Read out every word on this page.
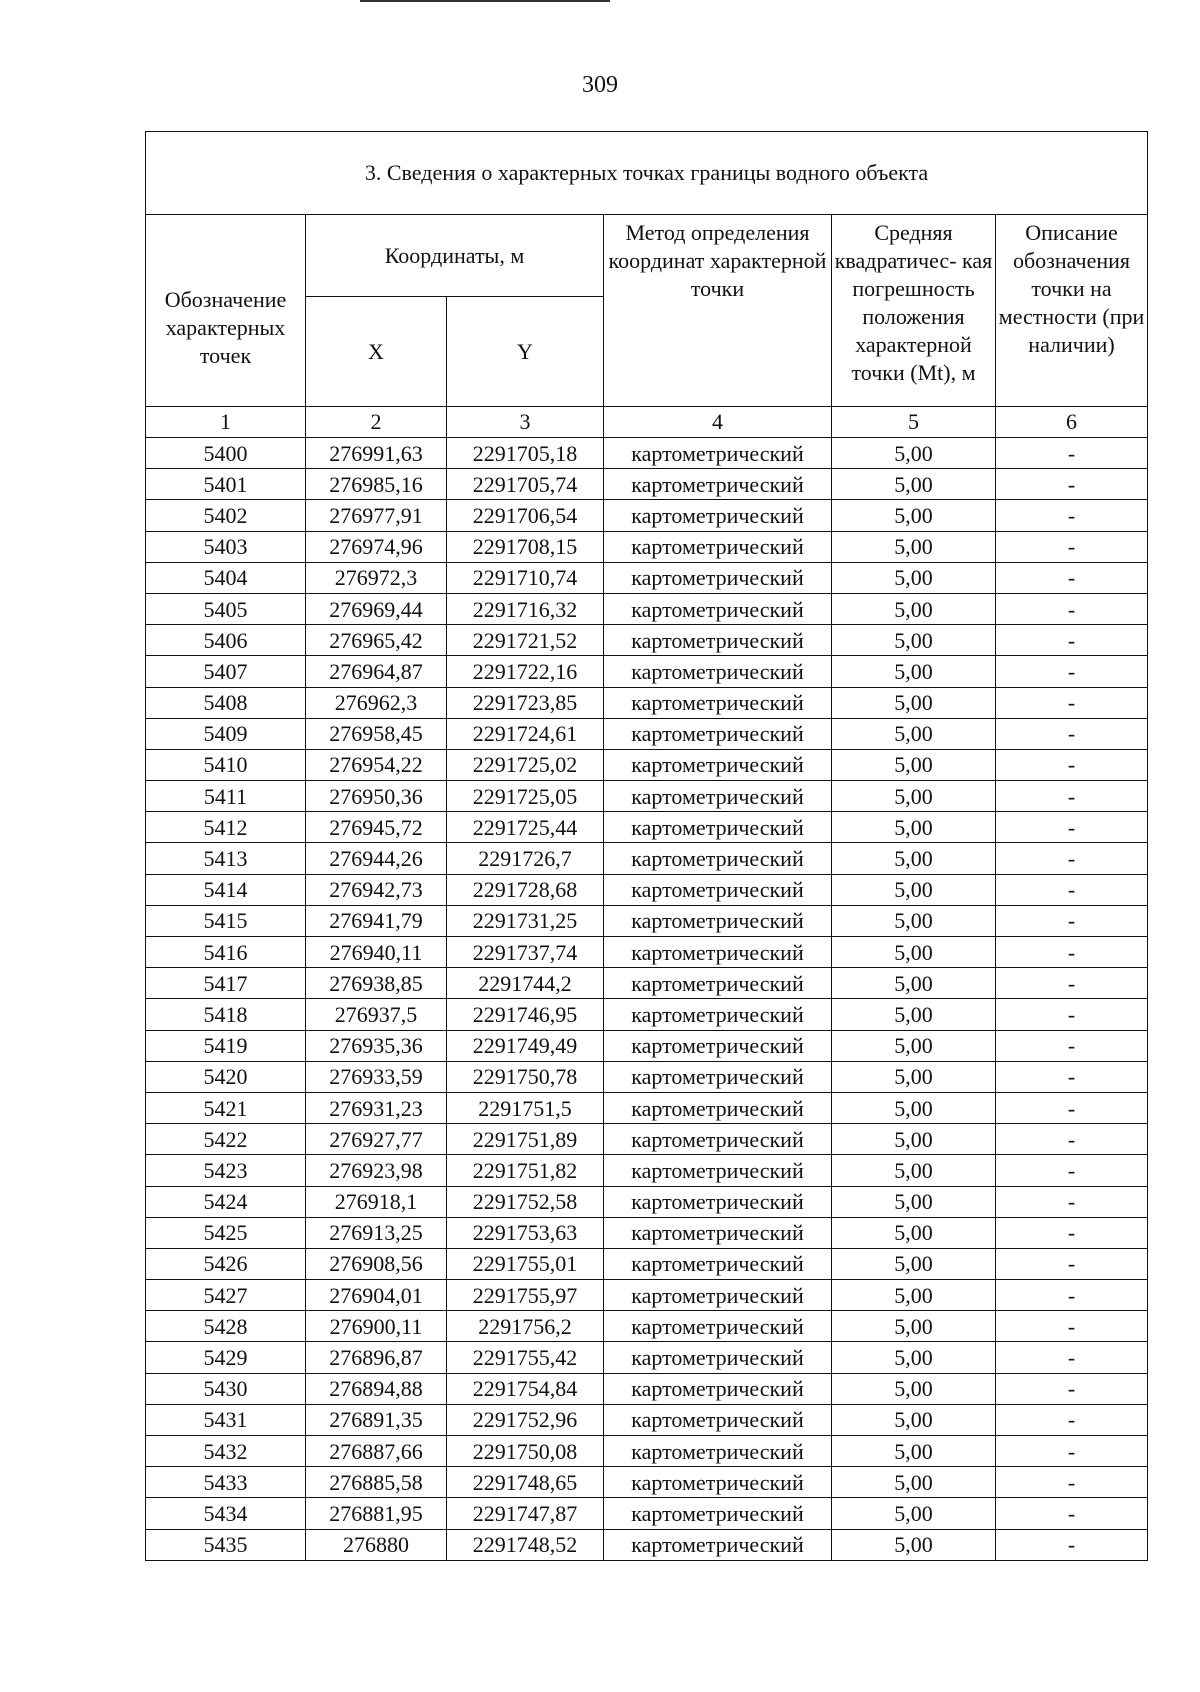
309
3. Сведения о характерных точках границы водного объекта					
Обозначение характерных точек	Координаты, м		Метод определения координат характерной точки	Средняя квадратичес- кая погрешность положения характерной точки (Mt), м	Описание обозначения точки на местности (при наличии)
	X	Y			
1	2	3	4	5	6
5400	276991,63	2291705,18	картометрический	5,00	-
5401	276985,16	2291705,74	картометрический	5,00	-
5402	276977,91	2291706,54	картометрический	5,00	-
5403	276974,96	2291708,15	картометрический	5,00	-
5404	276972,3	2291710,74	картометрический	5,00	-
5405	276969,44	2291716,32	картометрический	5,00	-
5406	276965,42	2291721,52	картометрический	5,00	-
5407	276964,87	2291722,16	картометрический	5,00	-
5408	276962,3	2291723,85	картометрический	5,00	-
5409	276958,45	2291724,61	картометрический	5,00	-
5410	276954,22	2291725,02	картометрический	5,00	-
5411	276950,36	2291725,05	картометрический	5,00	-
5412	276945,72	2291725,44	картометрический	5,00	-
5413	276944,26	2291726,7	картометрический	5,00	-
5414	276942,73	2291728,68	картометрический	5,00	-
5415	276941,79	2291731,25	картометрический	5,00	-
5416	276940,11	2291737,74	картометрический	5,00	-
5417	276938,85	2291744,2	картометрический	5,00	-
5418	276937,5	2291746,95	картометрический	5,00	-
5419	276935,36	2291749,49	картометрический	5,00	-
5420	276933,59	2291750,78	картометрический	5,00	-
5421	276931,23	2291751,5	картометрический	5,00	-
5422	276927,77	2291751,89	картометрический	5,00	-
5423	276923,98	2291751,82	картометрический	5,00	-
5424	276918,1	2291752,58	картометрический	5,00	-
5425	276913,25	2291753,63	картометрический	5,00	-
5426	276908,56	2291755,01	картометрический	5,00	-
5427	276904,01	2291755,97	картометрический	5,00	-
5428	276900,11	2291756,2	картометрический	5,00	-
5429	276896,87	2291755,42	картометрический	5,00	-
5430	276894,88	2291754,84	картометрический	5,00	-
5431	276891,35	2291752,96	картометрический	5,00	-
5432	276887,66	2291750,08	картометрический	5,00	-
5433	276885,58	2291748,65	картометрический	5,00	-
5434	276881,95	2291747,87	картометрический	5,00	-
5435	276880	2291748,52	картометрический	5,00	-
